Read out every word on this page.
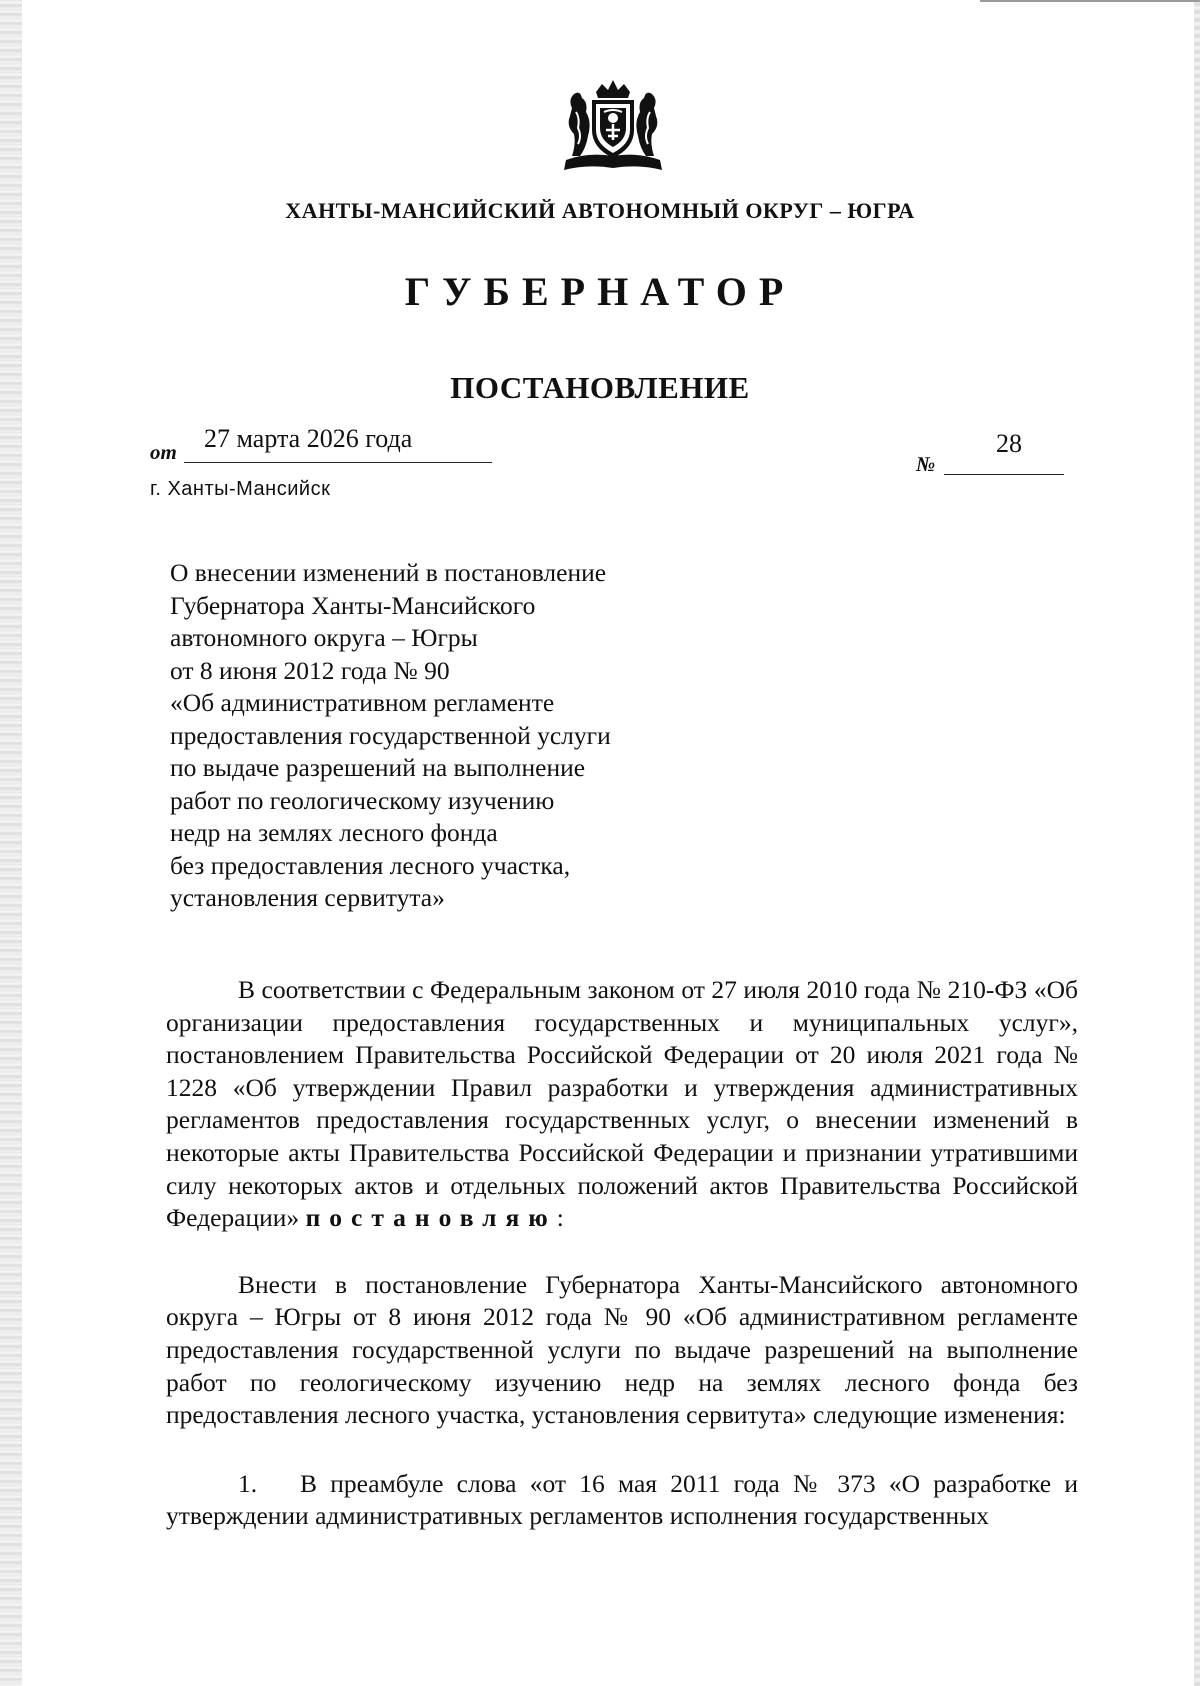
ХАНТЫ-МАНСИЙСКИЙ АВТОНОМНЫЙ ОКРУГ – ЮГРА
ГУБЕРНАТОР
ПОСТАНОВЛЕНИЕ
от 27 марта 2026 года
№
28
г. Ханты-Мансийск
О внесении изменений в постановление
Губернатора Ханты-Мансийского
автономного округа – Югры
от 8 июня 2012 года № 90
«Об административном регламенте
предоставления государственной услуги
по выдаче разрешений на выполнение
работ по геологическому изучению
недр на землях лесного фонда
без предоставления лесного участка,
установления сервитута»

В соответствии с Федеральным законом от 27 июля 2010 года № 210-ФЗ «Об организации предоставления государственных и муниципальных услуг», постановлением Правительства Российской Федерации от 20 июля 2021 года № 1228 «Об утверждении Правил разработки и утверждения административных регламентов предоставления государственных услуг, о внесении изменений в некоторые акты Правительства Российской Федерации и признании утратившими силу некоторых актов и отдельных положений актов Правительства Российской Федерации» постановляю:

Внести в постановление Губернатора Ханты-Мансийского автономного округа – Югры от 8 июня 2012 года № 90 «Об административном регламенте предоставления государственной услуги по выдаче разрешений на выполнение работ по геологическому изучению недр на землях лесного фонда без предоставления лесного участка, установления сервитута» следующие изменения:

1. В преамбуле слова «от 16 мая 2011 года № 373 «О разработке и утверждении административных регламентов исполнения государственных
